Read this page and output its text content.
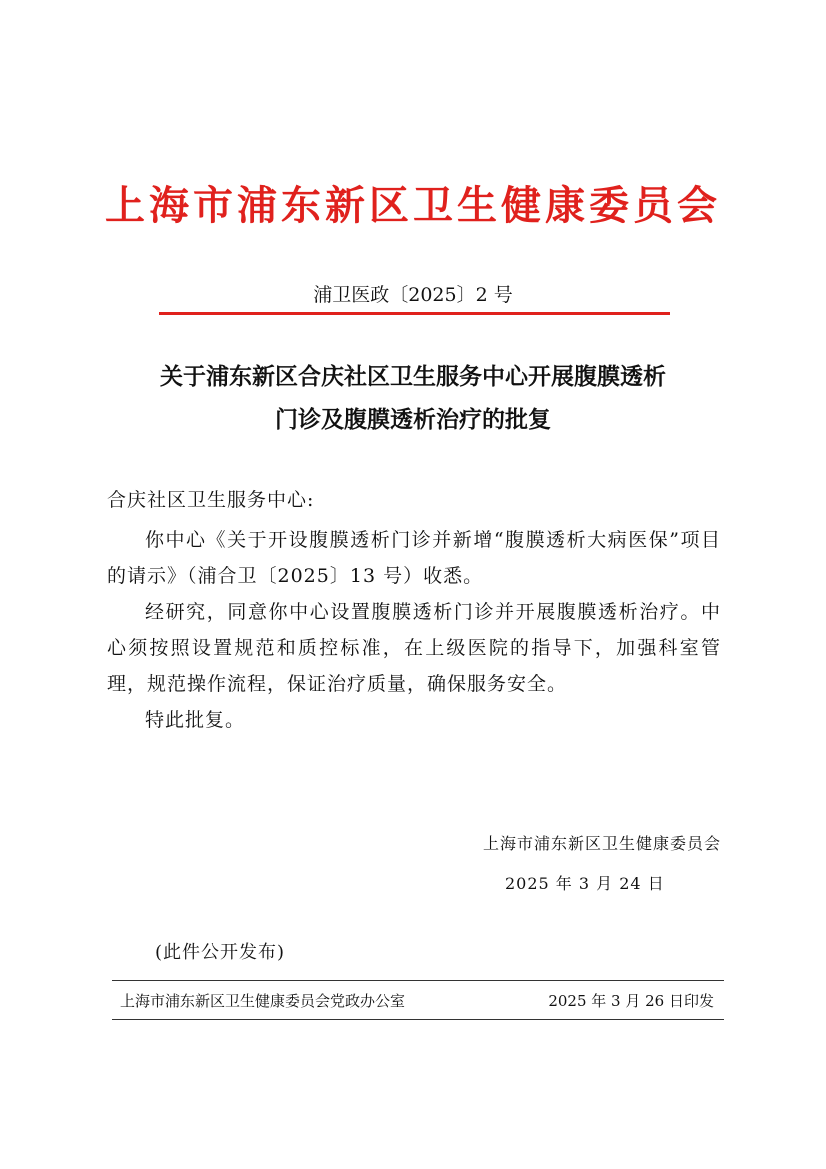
上海市浦东新区卫生健康委员会
浦卫医政〔2025〕2 号
关于浦东新区合庆社区卫生服务中心开展腹膜透析
门诊及腹膜透析治疗的批复
合庆社区卫生服务中心:

你中心《关于开设腹膜透析门诊并新增“腹膜透析大病医保”项目的请示》（浦合卫〔2025〕13 号）收悉。

经研究，同意你中心设置腹膜透析门诊并开展腹膜透析治疗。中心须按照设置规范和质控标准，在上级医院的指导下，加强科室管理，规范操作流程，保证治疗质量，确保服务安全。

特此批复。

上海市浦东新区卫生健康委员会
2025 年 3 月 24 日
(此件公开发布)
上海市浦东新区卫生健康委员会党政办公室	2025 年 3 月 26 日印发
